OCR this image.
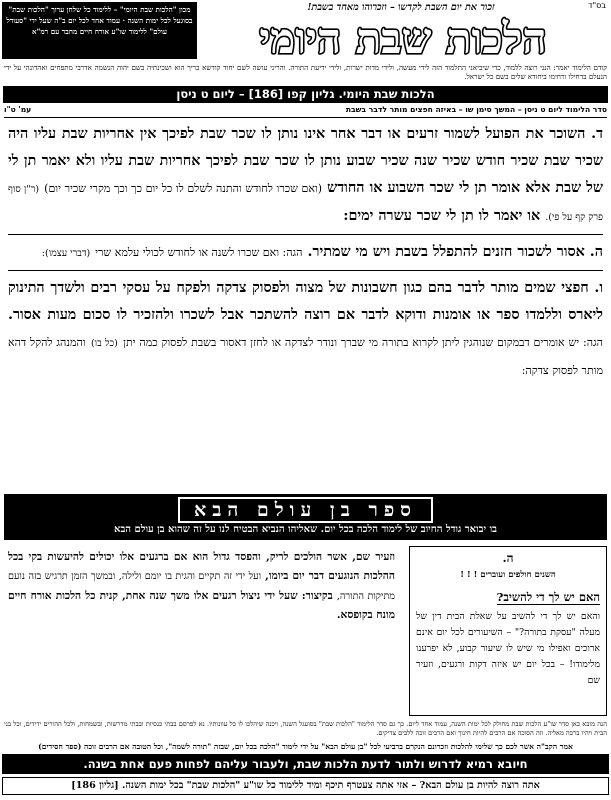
בס"ד
מכון "הלכות שבת היומי" – ללימוד כל שלחן ערוך "הלכות שבת" בסוגעל לכל ימות השנה · עמוד אחד לכל יום ב"ה שעל ידי "סעודל עולם" ללימוד שו"ע אורח חיים מחבר עם רמ"א
זכור את יום השבת לקדשו – וזכרוהו מאחד בשבת!
הלכות שבת היומי
קודם הלימוד יאמר: הנני רוצה ללמוד, כדי שיביאני התלמוד הזה לידי מעשה, ולידי מדות ישרות, ולידי ידיעת התורה. והריני עושה לשם יחוד קודשא בריך הוא ושכינתיה בשם יהוה הנשמה אדרבי מתפחים ואהדונהי על ידי הנעלם בדחילו ורחימו ביחודא שלים בשם כל ישראל.
הלכות שבת היומי. גליון קפו [186] – ליום ט ניסן
סדר הלימוד ליום ט ניסן – המשך סימן שו – באיזה חפצים מותר לדבר בשבת
עמ' ט"ו

ד. השוכר את הפועל לשמור זרעים או דבר אחר אינו נותן לו שכר שבת לפיכך אין אחריות שבת עליו היה שכיר שבת שכיר חודש שכיר שנה שכיר שבוע נותן לו שכר שבת לפיכך אחריות שבת עליו ולא יאמר תן לי של שבת אלא אומר תן לי שכר השבוע או החודש (ואם שכרו לחודש והתנה לשלם לו כל יום כך וכך מקרי שכיר יום) (ר"ן סוף פרק קף על פי). או יאמר לו תן לי שכר עשרה ימים:

ה. אסור לשכור חזנים להתפלל בשבת ויש מי שמתיר. הגה: ואם שכרו לשנה או לחודש לכולי עלמא שרי (דברי עצמו):

ו. חפצי שמים מותר לדבר בהם כגון חשבונות של מצוה ולפסוק צדקה ולפקח על עסקי רבים ולשדך התינוק ליארס וללמדו ספר או אומנות ודוקא לדבר אם רוצה להשתכר אבל לשכרו ולהזכיר לו סכום מעות אסור. הגה: יש אומרים דבמקום שנוהגין ליתן לקרוא בתורה מי שברך ונודר לצדקה או לחזן דאסור בשבת לפסוק כמה יתן (כל בו) והמנהג להקל דהא מותר לפסוק צדקה:

ספר בן עולם הבא
בו יבואר גודל החיוב של לימוד הלכה בכל יום. שאליהו הנביא הבטיח לנו על זה שהוא בן עולם הבא
ה.
השנים חולפים ועוברים ! ! !
האם יש לך די להשיב?
והאם יש לך די להשיב על שאלת הבית דין של מעלה "עסקת בתורה?" – השיעורים לכל יום אינם ארוכים ואפילו מי שיש לו שיעור קבוע, לא יפרענו מלימודו! – בכל יום יש איזה דקות ורגעים, וזעיר שם
וזעיר שם, אשר הולכים לריק, והפסד גדול הוא אם ברגעים אלו יכולים להיעשות בקי בכל ההלכות הנוגעים דבר יום ביומו, ועל ידי זה תקיים והגית בו יומם ולילה, ובמשך הזמן תרגיש בזה נועם מתיקות התורה, בקיצור: שעל ידי ניצול רגעים אלו משך שנה אחת, קנית כל הלכות אורח חיים מונח בקופסא.
הנה מובא כאן סדר שו"ע הלכות שבת מחולק לכל ימות השנה, עמוד אחד ליום. כך גם סדר הלימוד "הלכות שבת" בסועגל השנה, ויכנה שיהלכו לו כל עוונותיו. נא לפרסם בבתי כנסיות ובבתי מדרשות, ובשמחות, ולכל ההורים ידידים, וכל בני הבית ויהיו ברכה מאליה. וזה הסוכה אם הרבים להיות חינוך ואם הרבים זוכה ללבים צדיקים.
אמר הקב"ה אשר לכם כך שלימי להלכות וזכרונם הנקרם ברביעי לכל "בן עולם הבא" על ידי לימוד "הלכה בכל יום, שבזה "תורה לשמה", וכל הטובה אם הרבים זוכה (ספר חסידים)
חיובא רמיא לדרוש ולתור לדעת הלכות שבת, ולעבור עליהם לפחות פעם אחת בשנה.
אתה רוצה להיות בן עולם הבא? – אזי אתה צעטרף תיכף ומיד ללימוד כל שו"ע "הלכות שבת" בכל ימות השנה. [גליון 186]
